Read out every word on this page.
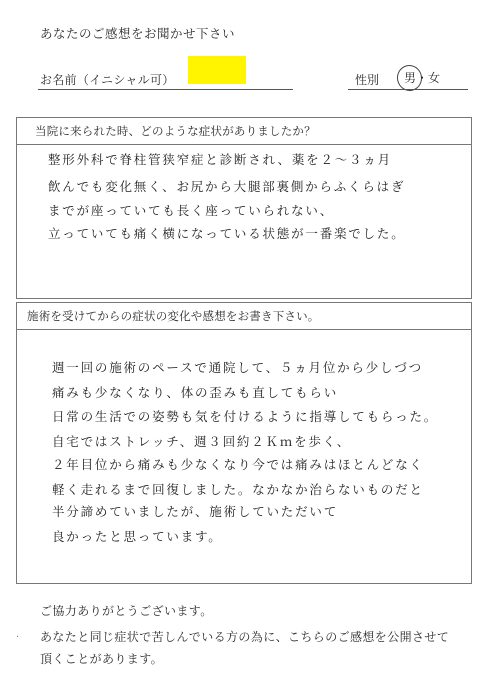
あなたのご感想をお聞かせ下さい
お名前（イニシャル可）	性別 男・女
当院に来られた時、どのような症状がありましたか？
整形外科で脊柱管狭窄症と診断され、薬を２〜３ヵ月
飲んでも変化無く、お尻から大腿部裏側からふくらはぎ
までが座っていても長く座っていられない、
立っていても痛く横になっている状態が一番楽でした。
施術を受けてからの症状の変化や感想をお書き下さい。
週一回の施術のペースで通院して、５ヵ月位から少しづつ
痛みも少なくなり、体の歪みも直してもらい
日常の生活での姿勢も気を付けるように指導してもらった。
自宅ではストレッチ、週３回約２Ｋｍを歩く、
２年目位から痛みも少なくなり今では痛みはほとんどなく
軽く走れるまで回復しました。なかなか治らないものだと
半分諦めていましたが、施術していただいて
良かったと思っています。
ご協力ありがとうございます。
· あなたと同じ症状で苦しんでいる方の為に、こちらのご感想を公開させて
頂くことがあります。
